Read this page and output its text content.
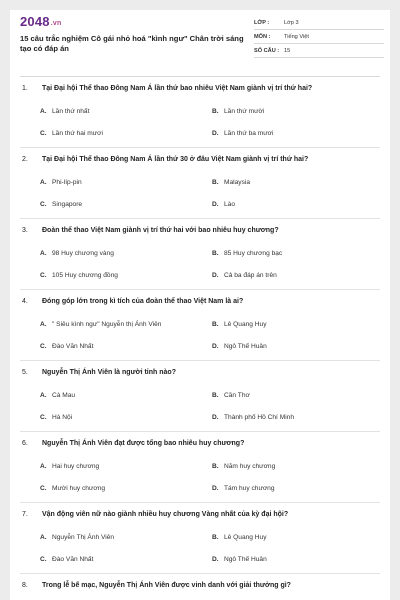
2048.vn
15 câu trắc nghiệm Cô gái nhỏ hoá "kình ngư" Chân trời sáng tạo có đáp án
LỚP :	Lớp 3
MÔN :	Tiếng Việt
SỐ CÂU : 15
1. Tại Đại hội Thể thao Đông Nam Á lần thứ bao nhiêu Việt Nam giành vị trí thứ hai?
A. Lần thứ nhất	B. Lần thứ mười
C. Lần thứ hai mươi	D. Lần thứ ba mươi
2. Tại Đại hội Thể thao Đông Nam Á lần thứ 30 ở đâu Việt Nam giành vị trí thứ hai?
A. Phi-líp-pin	B. Malaysia
C. Singapore	D. Lào
3. Đoàn thể thao Việt Nam giành vị trí thứ hai với bao nhiêu huy chương?
A. 98 Huy chương vàng	B. 85 Huy chương bạc
C. 105 Huy chương đồng	D. Cả ba đáp án trên
4. Đóng góp lớn trong kì tích của đoàn thể thao Việt Nam là ai?
A. " Siêu kình ngư" Nguyễn thị Ánh Viên	B. Lê Quang Huy
C. Đào Văn Nhất	D. Ngô Thế Huân
5. Nguyễn Thị Ánh Viên là người tỉnh nào?
A. Cà Mau	B. Cần Thơ
C. Hà Nội	D. Thành phố Hồ Chí Minh
6. Nguyễn Thị Ánh Viên đạt được tổng bao nhiêu huy chương?
A. Hai huy chương	B. Năm huy chương
C. Mười huy chương	D. Tám huy chương
7. Vận động viên nữ nào giành nhiều huy chương Vàng nhất của kỳ đại hội?
A. Nguyễn Thị Ánh Viên	B. Lê Quang Huy
C. Đào Văn Nhất	D. Ngô Thế Huân
8. Trong lễ bế mạc, Nguyễn Thị Ánh Viên được vinh danh với giải thưởng gì?
